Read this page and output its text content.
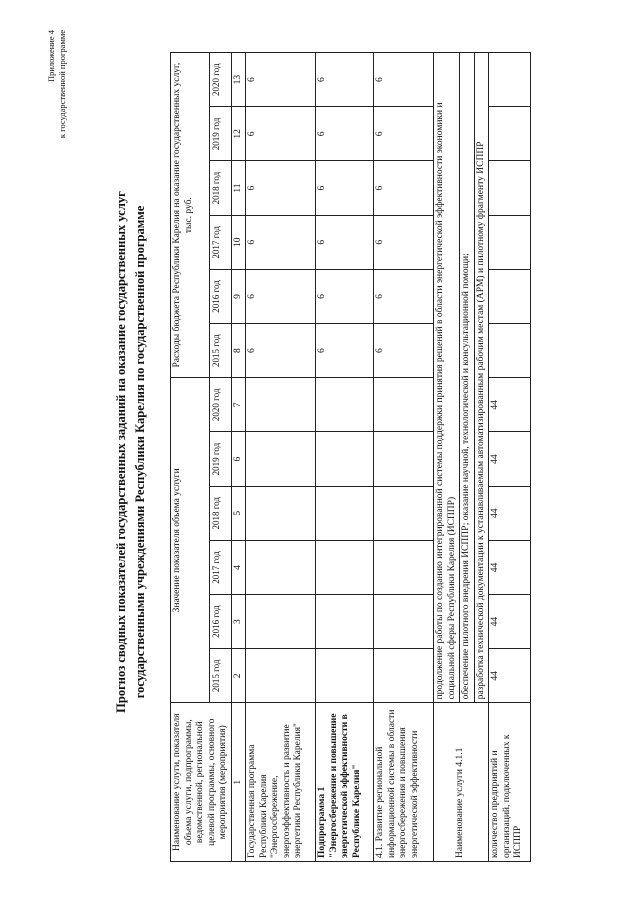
Приложение 4 к государственной программе
Прогноз сводных показателей государственных заданий на оказание государственных услуг государственными учреждениями Республики Карелия по государственной программе
Наименование услуги, показателя объема услуги, подпрограммы, ведомственной, региональной целевой программы, основного мероприятия (мероприятия)	Значение показателя объема услуги						Расходы бюджета Республики Карелия на оказание государственных услуг, тыс. руб.					
	2015 год	2016 год	2017 год	2018 год	2019 год	2020 год	2015 год	2016 год	2017 год	2018 год	2019 год	2020 год
1	2	3	4	5	6	7	8	9	10	11	12	13
Государственная программа Республики Карелия "Энергосбережение, энергоэффективность и развитие энергетики Республики Карелия"							6	6	6	6	6	6
Подпрограмма 1 "Энергосбережение и повышение энергетической эффективности в Республике Карелия"							6	6	6	6	6	6
4.1. Развитие региональной информационной системы в области энергосбережения и повышения энергетической эффективности							6	6	6	6	6	6
Наименование услуги 4.1.1	продолжение работы по созданию интегрированной системы поддержки принятия решений в области энергетической эффективности экономики и социальной сферы Республики Карелия (ИСППР)											
	обеспечение пилотного внедрения ИСППР; оказание научной, технологической и консультационной помощи;											
	разработка технической документации к устанавливаемым автоматизированным рабочим местам (АРМ) и пилотному фрагменту ИСППР											
количество предприятий и организаций, подключенных к ИСППР	44	44	44	44	44	44						
